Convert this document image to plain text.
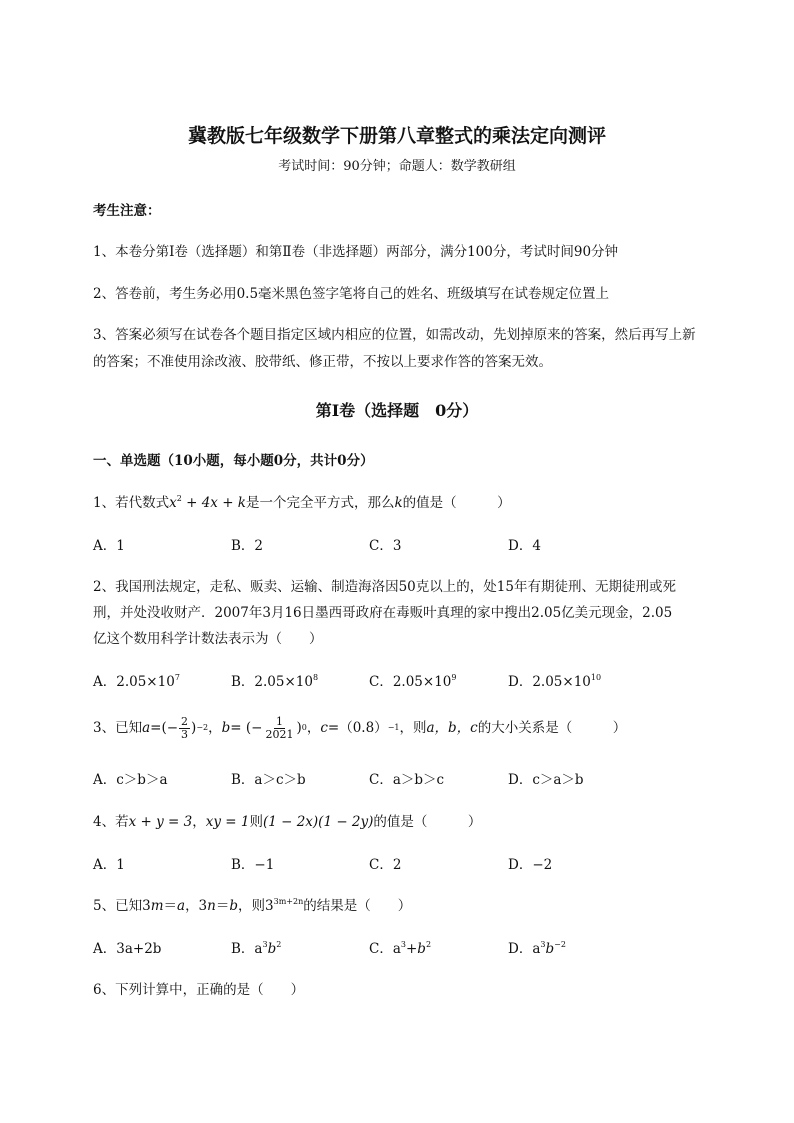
冀教版七年级数学下册第八章整式的乘法定向测评
考试时间：90分钟；命题人：数学教研组
考生注意：
1、本卷分第I卷（选择题）和第Ⅱ卷（非选择题）两部分，满分100分，考试时间90分钟
2、答卷前，考生务必用0.5毫米黑色签字笔将自己的姓名、班级填写在试卷规定位置上
3、答案必须写在试卷各个题目指定区域内相应的位置，如需改动，先划掉原来的答案，然后再写上新
的答案；不准使用涂改液、胶带纸、修正带，不按以上要求作答的答案无效。
第I卷（选择题　0分）
一、单选题（10小题，每小题0分，共计0分）
1、若代数式$x^2 + 4x + k$是一个完全平方式，那么k的值是（　　　）
A．1	B．2	C．3	D．4
2、我国刑法规定，走私、贩卖、运输、制造海洛因50克以上的，处15年有期徒刑、无期徒刑或死
刑，并处没收财产．2007年3月16日墨西哥政府在毒贩叶真理的家中搜出2.05亿美元现金，2.05
亿这个数用科学计数法表示为（　　）
A．$2.05\times 10^7$	B．$2.05\times 10^8$	C．$2.05\times 10^9$	D．$2.05\times 10^{10}$
3、已知 a =(− $\frac{2}{3}$ ) −2 ， b = (− $\frac{1}{2021}$ ) 0 ， c =（0.8） −1 ，则 a，b，c 的大小关系是（　　　）
A．c＞b＞a	B．a＞c＞b	C．a＞b＞c	D．c＞a＞b
4、若x + y = 3，xy = 1则(1 − 2x)(1 − 2y)的值是（　　　）
A．1	B．−1	C．2	D．−2
5、已知3m＝a，3n＝b，则$3^{3m+2n}$的结果是（　　）
A．3a+2b	B．$a^3b^2$	C．$a^3+b^2$	D．$a^3b^{-2}$
6、下列计算中，正确的是（　　）
